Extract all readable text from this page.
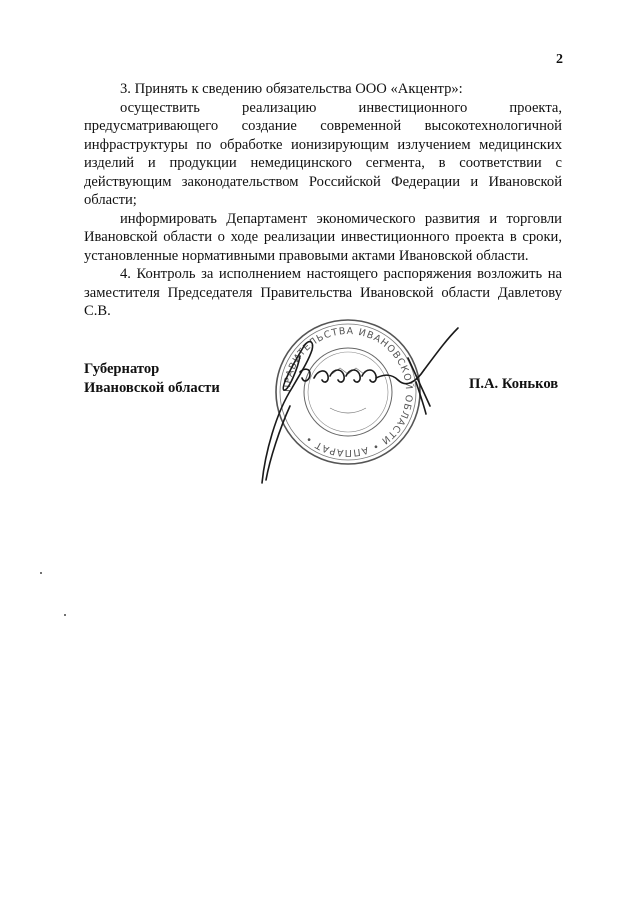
2

3. Принять к сведению обязательства ООО «Акцентр»:

осуществить реализацию инвестиционного проекта, предусматривающего создание современной высокотехнологичной инфраструктуры по обработке ионизирующим излучением медицинских изделий и продукции немедицинского сегмента, в соответствии с действующим законодательством Российской Федерации и Ивановской области;

информировать Департамент экономического развития и торговли Ивановской области о ходе реализации инвестиционного проекта в сроки, установленные нормативными правовыми актами Ивановской области.

4. Контроль за исполнением настоящего распоряжения возложить на заместителя Председателя Правительства Ивановской области Давлетову С.В.

Губернатор
Ивановской области	ПРАВИТЕЛЬСТВА ИВАНОВСКОЙ ОБЛАСТИ • АППАРАТ •
П.А. Коньков
